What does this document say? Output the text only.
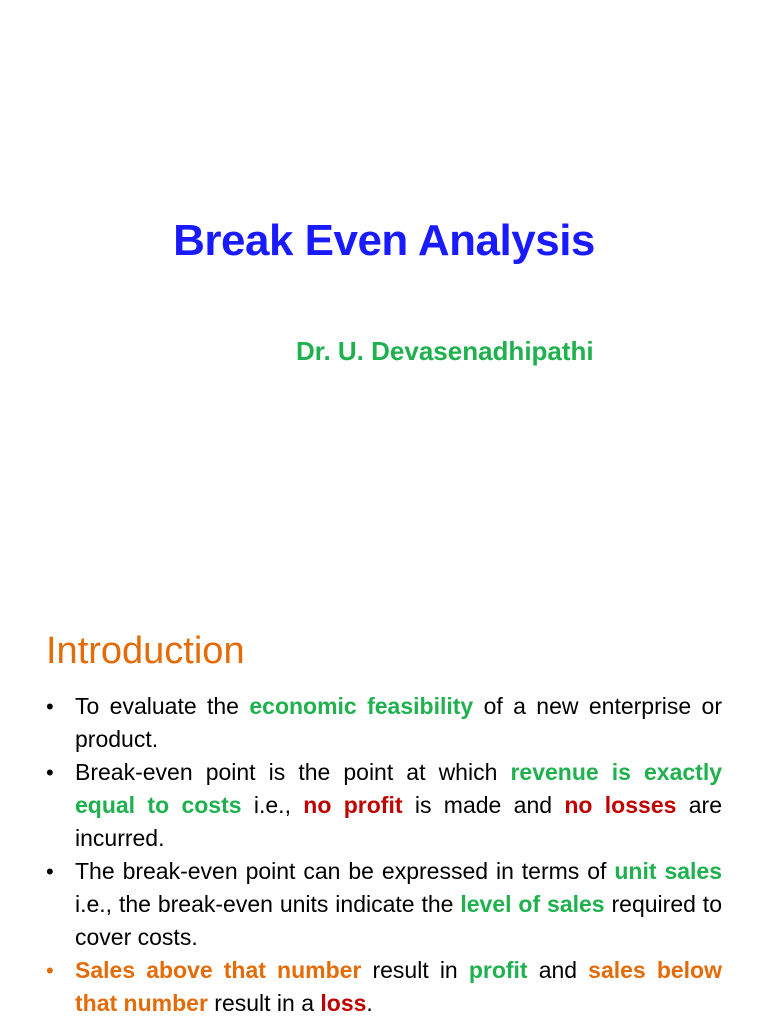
Break Even Analysis
Dr. U. Devasenadhipathi
Introduction
• To evaluate the economic feasibility of a new enterprise or product.
• Break-even point is the point at which revenue is exactly equal to costs i.e., no profit is made and no losses are incurred.
• The break-even point can be expressed in terms of unit sales i.e., the break-even units indicate the level of sales required to cover costs.
• Sales above that number result in profit and sales below that number result in a loss.
